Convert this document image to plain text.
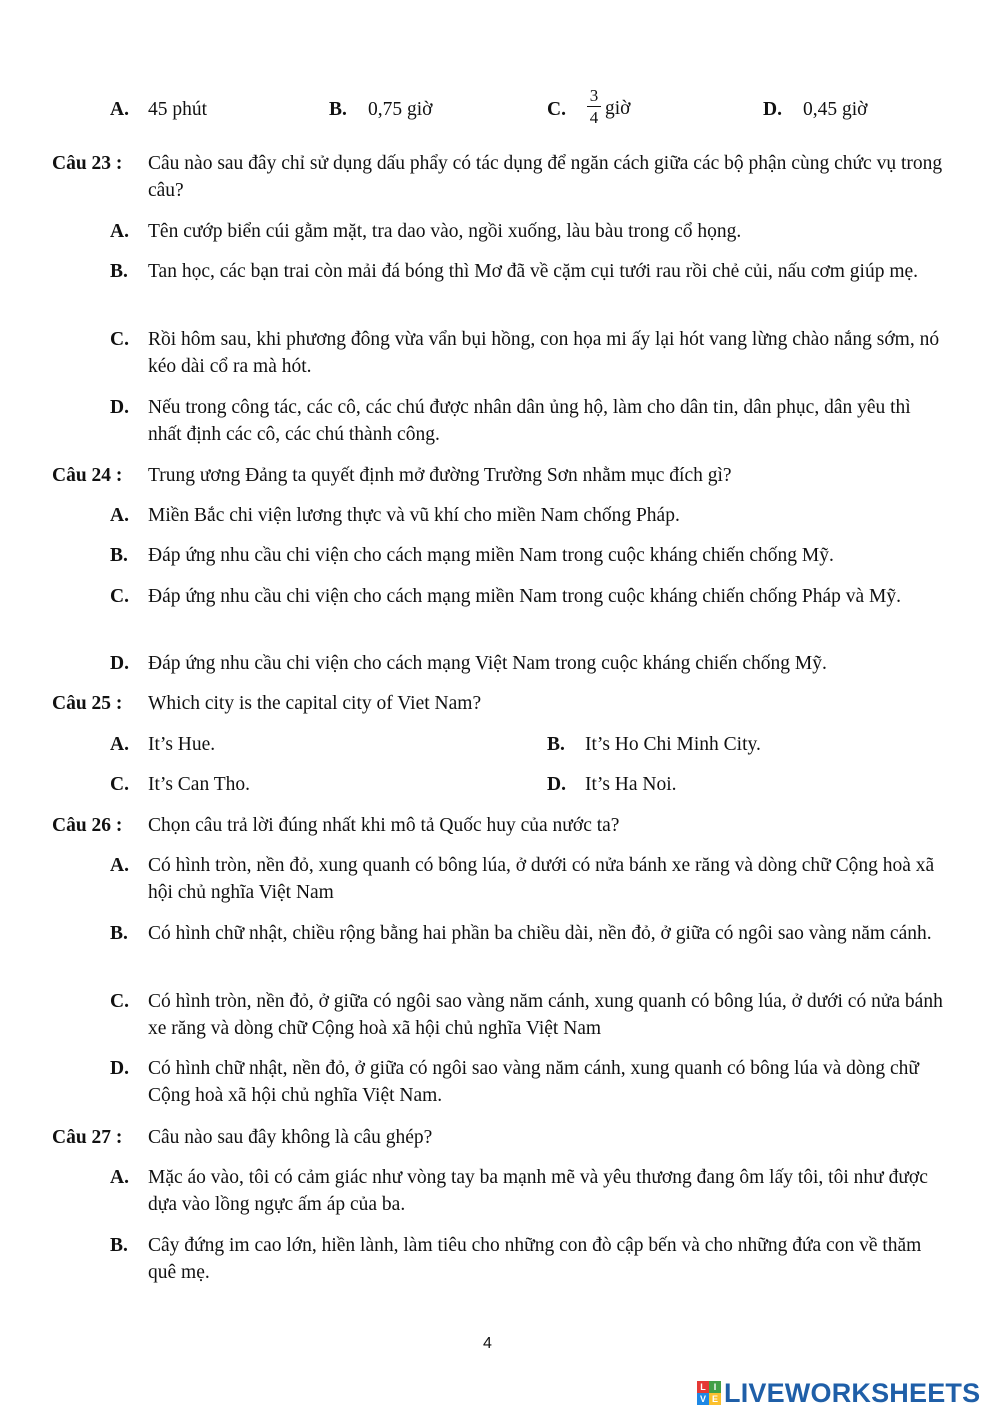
A. 45 phút	B. 0,75 giờ	C.
3
4 giờ	D. 0,45 giờ
Câu 23 : Câu nào sau đây chỉ sử dụng dấu phẩy có tác dụng để ngăn cách giữa các bộ phận cùng chức vụ trong câu?
A. Tên cướp biển cúi gằm mặt, tra dao vào, ngồi xuống, làu bàu trong cổ họng.
B. Tan học, các bạn trai còn mải đá bóng thì Mơ đã về cặm cụi tưới rau rồi chẻ củi, nấu cơm giúp mẹ.
C. Rồi hôm sau, khi phương đông vừa vẩn bụi hồng, con họa mi ấy lại hót vang lừng chào nắng sớm, nó kéo dài cổ ra mà hót.
D. Nếu trong công tác, các cô, các chú được nhân dân ủng hộ, làm cho dân tin, dân phục, dân yêu thì nhất định các cô, các chú thành công.
Câu 24 : Trung ương Đảng ta quyết định mở đường Trường Sơn nhằm mục đích gì?
A. Miền Bắc chi viện lương thực và vũ khí cho miền Nam chống Pháp.
B. Đáp ứng nhu cầu chi viện cho cách mạng miền Nam trong cuộc kháng chiến chống Mỹ.
C. Đáp ứng nhu cầu chi viện cho cách mạng miền Nam trong cuộc kháng chiến chống Pháp và Mỹ.
D. Đáp ứng nhu cầu chi viện cho cách mạng Việt Nam trong cuộc kháng chiến chống Mỹ.
Câu 25 : Which city is the capital city of Viet Nam?
A. It’s Hue.	B. It’s Ho Chi Minh City.
C. It’s Can Tho.	D. It’s Ha Noi.
Câu 26 : Chọn câu trả lời đúng nhất khi mô tả Quốc huy của nước ta?
A. Có hình tròn, nền đỏ, xung quanh có bông lúa, ở dưới có nửa bánh xe răng và dòng chữ Cộng hoà xã hội chủ nghĩa Việt Nam
B. Có hình chữ nhật, chiều rộng bằng hai phần ba chiều dài, nền đỏ, ở giữa có ngôi sao vàng năm cánh.
C. Có hình tròn, nền đỏ, ở giữa có ngôi sao vàng năm cánh, xung quanh có bông lúa, ở dưới có nửa bánh xe răng và dòng chữ Cộng hoà xã hội chủ nghĩa Việt Nam
D. Có hình chữ nhật, nền đỏ, ở giữa có ngôi sao vàng năm cánh, xung quanh có bông lúa và dòng chữ Cộng hoà xã hội chủ nghĩa Việt Nam.
Câu 27 : Câu nào sau đây không là câu ghép?
A. Mặc áo vào, tôi có cảm giác như vòng tay ba mạnh mẽ và yêu thương đang ôm lấy tôi, tôi như được dựa vào lồng ngực ấm áp của ba.
B. Cây đứng im cao lớn, hiền lành, làm tiêu cho những con đò cập bến và cho những đứa con về thăm quê mẹ.
4
L I
V E LIVEWORKSHEETS
